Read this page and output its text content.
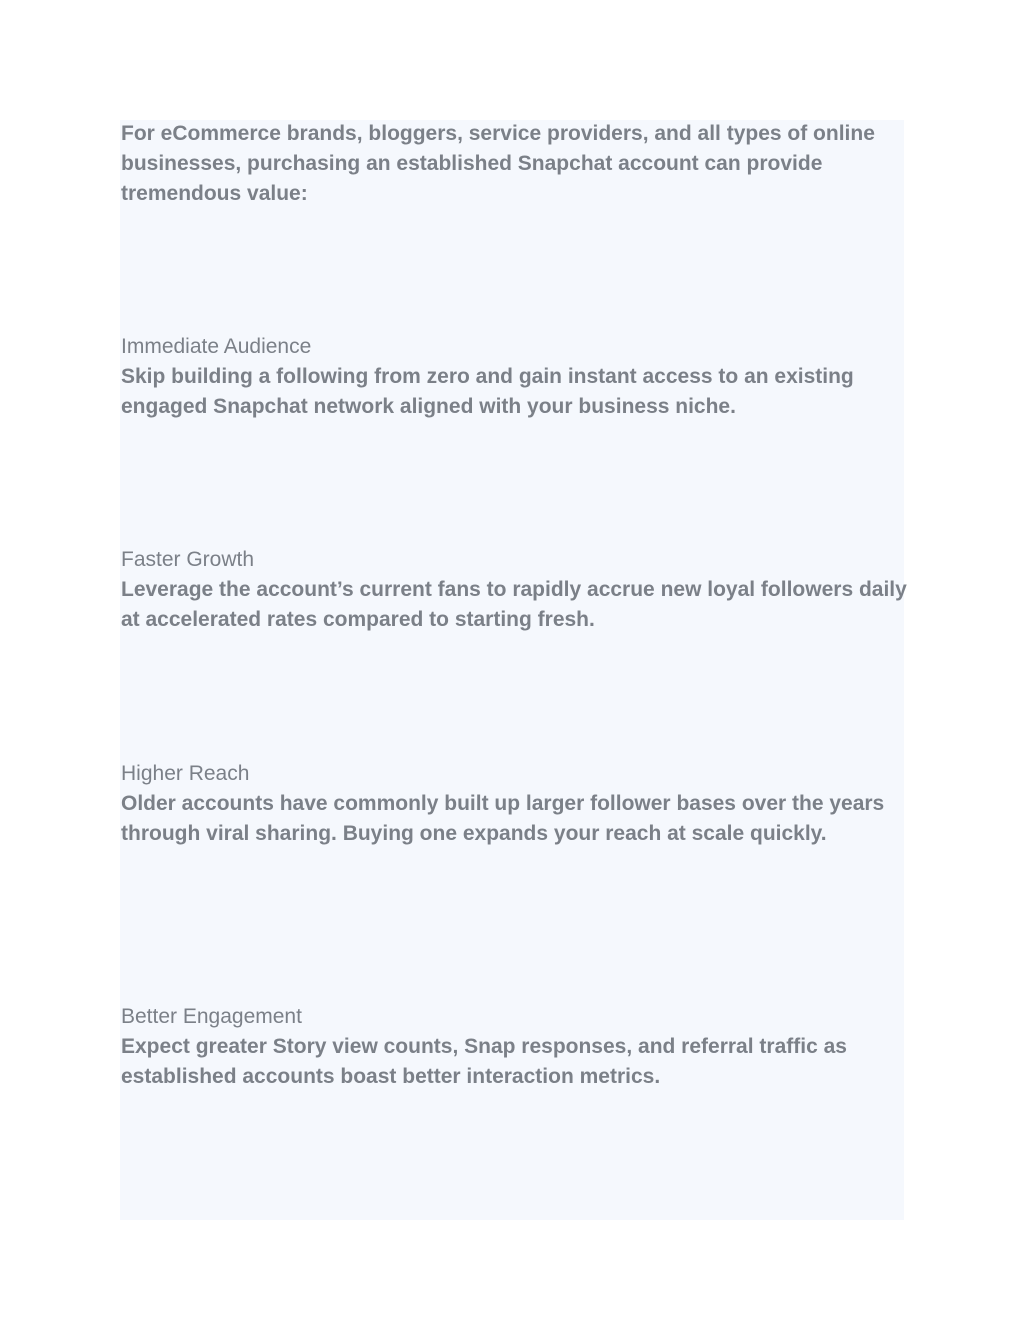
For eCommerce brands, bloggers, service providers, and all types of online businesses, purchasing an established Snapchat account can provide tremendous value:

Immediate Audience
Skip building a following from zero and gain instant access to an existing engaged Snapchat network aligned with your business niche.
Faster Growth
Leverage the account’s current fans to rapidly accrue new loyal followers daily at accelerated rates compared to starting fresh.
Higher Reach
Older accounts have commonly built up larger follower bases over the years through viral sharing. Buying one expands your reach at scale quickly.
Better Engagement
Expect greater Story view counts, Snap responses, and referral traffic as established accounts boast better interaction metrics.
